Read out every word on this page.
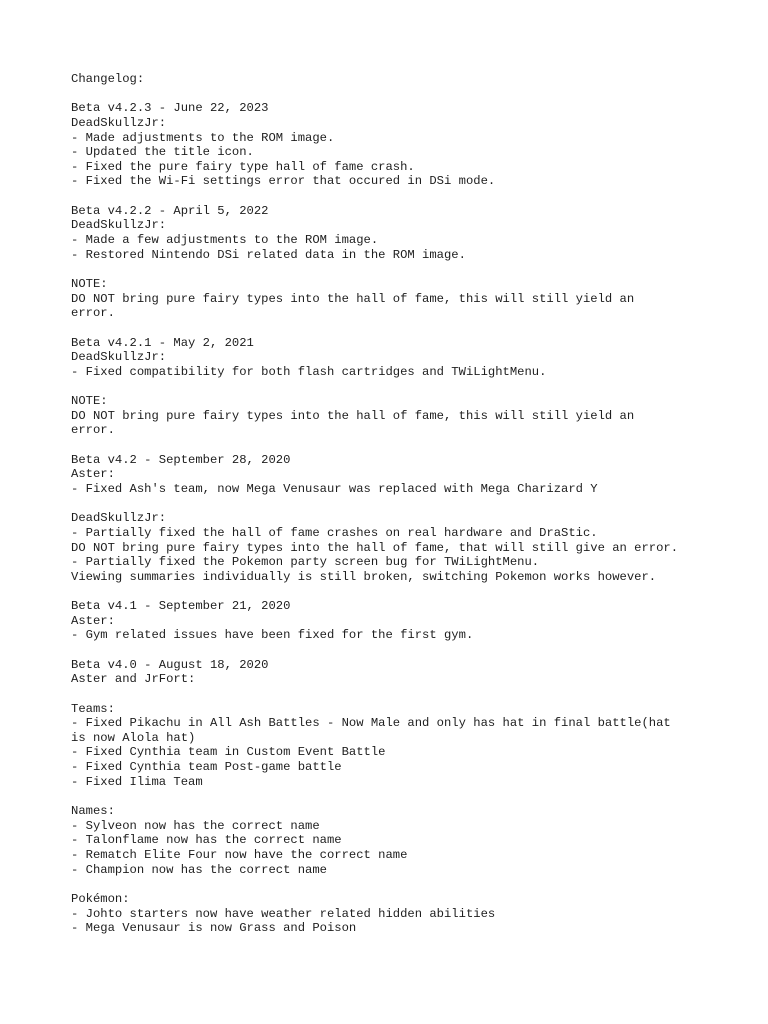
Changelog:
Beta v4.2.3 - June 22, 2023
DeadSkullzJr:
- Made adjustments to the ROM image.
- Updated the title icon.
- Fixed the pure fairy type hall of fame crash.
- Fixed the Wi-Fi settings error that occured in DSi mode.
Beta v4.2.2 - April 5, 2022
DeadSkullzJr:
- Made a few adjustments to the ROM image.
- Restored Nintendo DSi related data in the ROM image.
NOTE:
DO NOT bring pure fairy types into the hall of fame, this will still yield an
error.
Beta v4.2.1 - May 2, 2021
DeadSkullzJr:
- Fixed compatibility for both flash cartridges and TWiLightMenu.
NOTE:
DO NOT bring pure fairy types into the hall of fame, this will still yield an
error.
Beta v4.2 - September 28, 2020
Aster:
- Fixed Ash's team, now Mega Venusaur was replaced with Mega Charizard Y
DeadSkullzJr:
- Partially fixed the hall of fame crashes on real hardware and DraStic.
DO NOT bring pure fairy types into the hall of fame, that will still give an error.
- Partially fixed the Pokemon party screen bug for TWiLightMenu.
Viewing summaries individually is still broken, switching Pokemon works however.
Beta v4.1 - September 21, 2020
Aster:
- Gym related issues have been fixed for the first gym.
Beta v4.0 - August 18, 2020
Aster and JrFort:
Teams:
- Fixed Pikachu in All Ash Battles - Now Male and only has hat in final battle(hat
is now Alola hat)
- Fixed Cynthia team in Custom Event Battle
- Fixed Cynthia team Post-game battle
- Fixed Ilima Team
Names:
- Sylveon now has the correct name
- Talonflame now has the correct name
- Rematch Elite Four now have the correct name
- Champion now has the correct name
Pokémon:
- Johto starters now have weather related hidden abilities
- Mega Venusaur is now Grass and Poison
